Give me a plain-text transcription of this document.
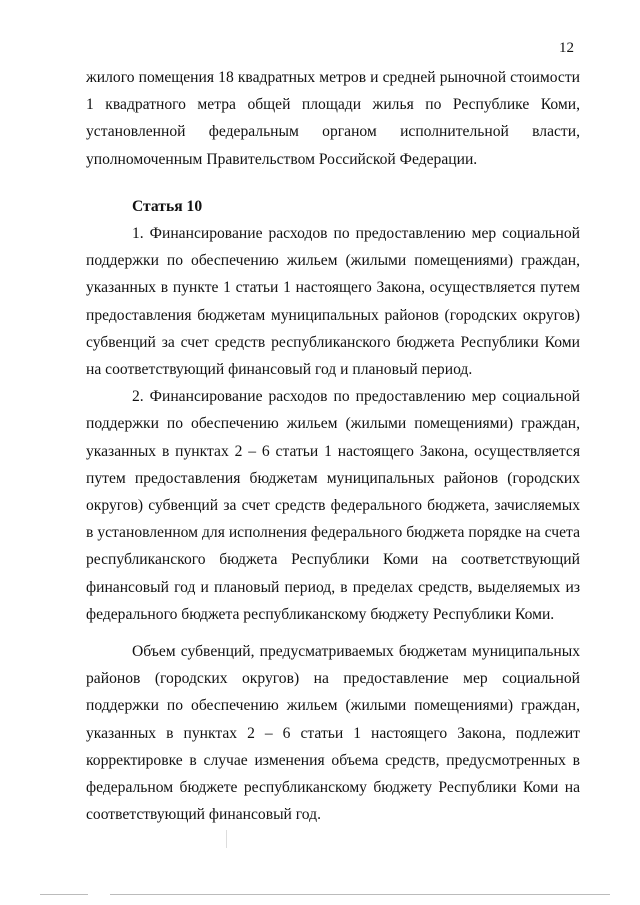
12

жилого помещения 18 квадратных метров и средней рыночной стоимости 1 квадратного метра общей площади жилья по Республике Коми, установленной федеральным органом исполнительной власти, уполномоченным Правительством Российской Федерации.

Статья 10

1. Финансирование расходов по предоставлению мер социальной поддержки по обеспечению жильем (жилыми помещениями) граждан, указанных в пункте 1 статьи 1 настоящего Закона, осуществляется путем предоставления бюджетам муниципальных районов (городских округов) субвенций за счет средств республиканского бюджета Республики Коми на соответствующий финансовый год и плановый период.

2. Финансирование расходов по предоставлению мер социальной поддержки по обеспечению жильем (жилыми помещениями) граждан, указанных в пунктах 2 – 6 статьи 1 настоящего Закона, осуществляется путем предоставления бюджетам муниципальных районов (городских округов) субвенций за счет средств федерального бюджета, зачисляемых в установленном для исполнения федерального бюджета порядке на счета республиканского бюджета Республики Коми на соответствующий финансовый год и плановый период, в пределах средств, выделяемых из федерального бюджета республиканскому бюджету Республики Коми.

Объем субвенций, предусматриваемых бюджетам муниципальных районов (городских округов) на предоставление мер социальной поддержки по обеспечению жильем (жилыми помещениями) граждан, указанных в пунктах 2 – 6 статьи 1 настоящего Закона, подлежит корректировке в случае изменения объема средств, предусмотренных в федеральном бюджете республиканскому бюджету Республики Коми на соответствующий финансовый год.
